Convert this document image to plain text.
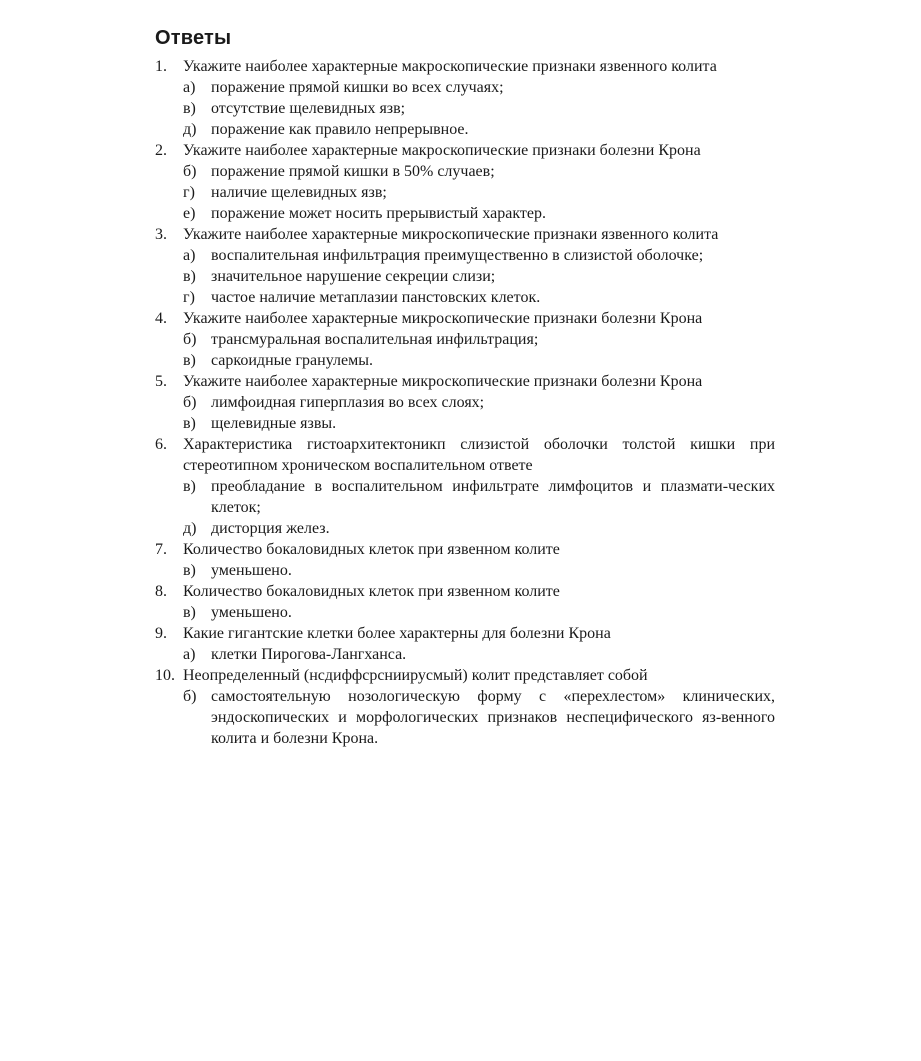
Ответы
1.	Укажите наиболее характерные макроскопические признаки язвенного колита
а) поражение прямой кишки во всех случаях;
в) отсутствие щелевидных язв;
д) поражение как правило непрерывное.
2.	Укажите наиболее характерные макроскопические признаки болезни Крона
б) поражение прямой кишки в 50% случаев;
г)	наличие щелевидных язв;
е) поражение может носить прерывистый характер.
3.	Укажите наиболее характерные микроскопические признаки язвенного колита
а) воспалительная инфильтрация преимущественно в слизистой оболочке;
в) значительное нарушение секреции слизи;
г)	частое наличие метаплазии панстовских клеток.
4.	Укажите наиболее характерные микроскопические признаки болезни Крона
б) трансмуральная воспалительная инфильтрация;
в) саркоидные гранулемы.
5.	Укажите наиболее характерные микроскопические признаки болезни Крона
б) лимфоидная гиперплазия во всех слоях;
в) щелевидные язвы.
6.	Характеристика гистоархитектоникп слизистой оболочки толстой кишки при стереотипном хроническом воспалительном ответе
в) преобладание в воспалительном инфильтрате лимфоцитов и плазмати-ческих клеток;
д) дисторция желез.
7.	Количество бокаловидных клеток при язвенном колите
в) уменьшено.
8.	Количество бокаловидных клеток при язвенном колите
в) уменьшено.
9.	Какие гигантские клетки более характерны для болезни Крона
а) клетки Пирогова-Лангханса.
10. Неопределенный (нсдиффсрсниирусмый) колит представляет собой
б) самостоятельную нозологическую форму с «перехлестом» клинических, эндоскопических и морфологических признаков неспецифического яз-венного колита и болезни Крона.
